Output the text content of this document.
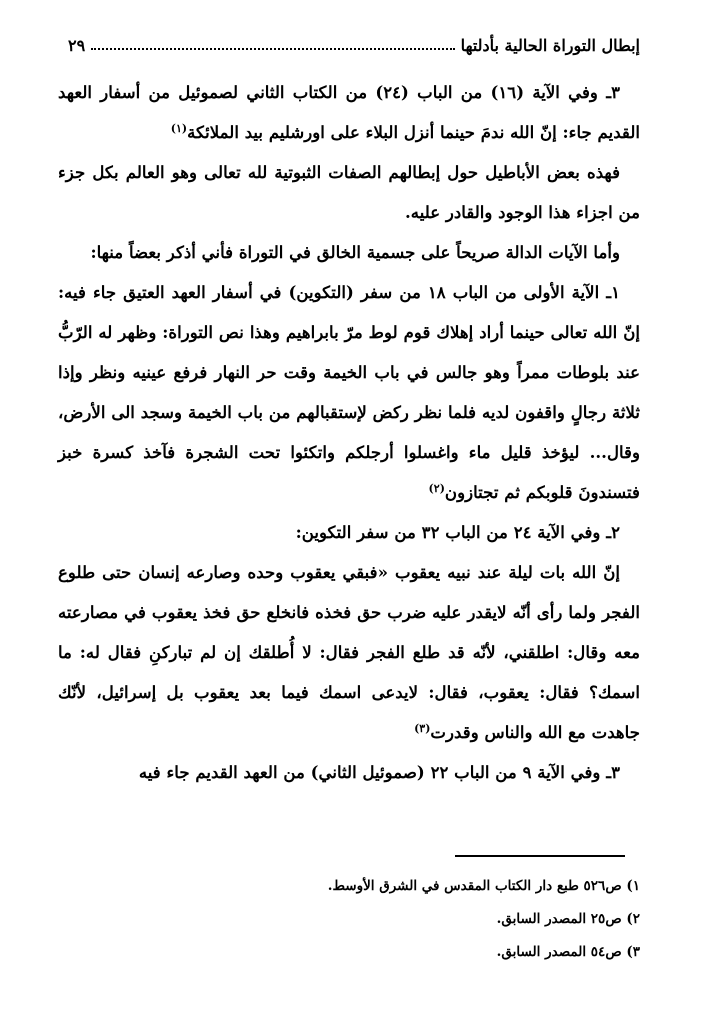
إبطال التوراة الحالية بأدلتها
٢٩

٣ـ وفي الآية (١٦) من الباب (٢٤) من الكتاب الثاني لصموئيل من أسفار العهد القديم جاء: إنّ الله ندمَ حينما أنزل البلاء على اورشليم بيد الملائكة$^{(١)}$

فهذه بعض الأباطيل حول إبطالهم الصفات الثبوتية لله تعالى وهو العالم بكل جزء من اجزاء هذا الوجود والقادر عليه.

وأما الآيات الدالة صريحاً على جسمية الخالق في التوراة فأني أذكر بعضاً منها:

١ـ الآية الأولى من الباب ١٨ من سفر (التكوين) في أسفار العهد العتيق جاء فيه: إنّ الله تعالى حينما أراد إهلاك قوم لوط مرّ بابراهيم وهذا نص التوراة: وظهر له الرّبُّ عند بلوطات ممراً وهو جالس في باب الخيمة وقت حر النهار فرفع عينيه ونظر وإذا ثلاثة رجالٍ واقفون لديه فلما نظر ركض لإستقبالهم من باب الخيمة وسجد الى الأرض، وقال... ليؤخذ قليل ماء واغسلوا أرجلكم واتكئوا تحت الشجرة فآخذ كسرة خبز فتسندونَ قلوبكم ثم تجتازون$^{(٢)}$

٢ـ وفي الآية ٢٤ من الباب ٣٢ من سفر التكوين:

إنّ الله بات ليلة عند نبيه يعقوب «فبقي يعقوب وحده وصارعه إنسان حتى طلوع الفجر ولما رأى أنّه لايقدر عليه ضرب حق فخذه فانخلع حق فخذ يعقوب في مصارعته معه وقال: اطلقني، لأنّه قد طلع الفجر فقال: لا أُطلقك إن لم تباركنِ فقال له: ما اسمك؟ فقال: يعقوب، فقال: لايدعى اسمك فيما بعد يعقوب بل إسرائيل، لأنّك جاهدت مع الله والناس وقدرت$^{(٣)}$

٣ـ وفي الآية ٩ من الباب ٢٢ (صموئيل الثاني) من العهد القديم جاء فيه

١) ص٥٢٦ طبع دار الكتاب المقدس في الشرق الأوسط.
٢) ص٢٥ المصدر السابق.
٣) ص٥٤ المصدر السابق.
